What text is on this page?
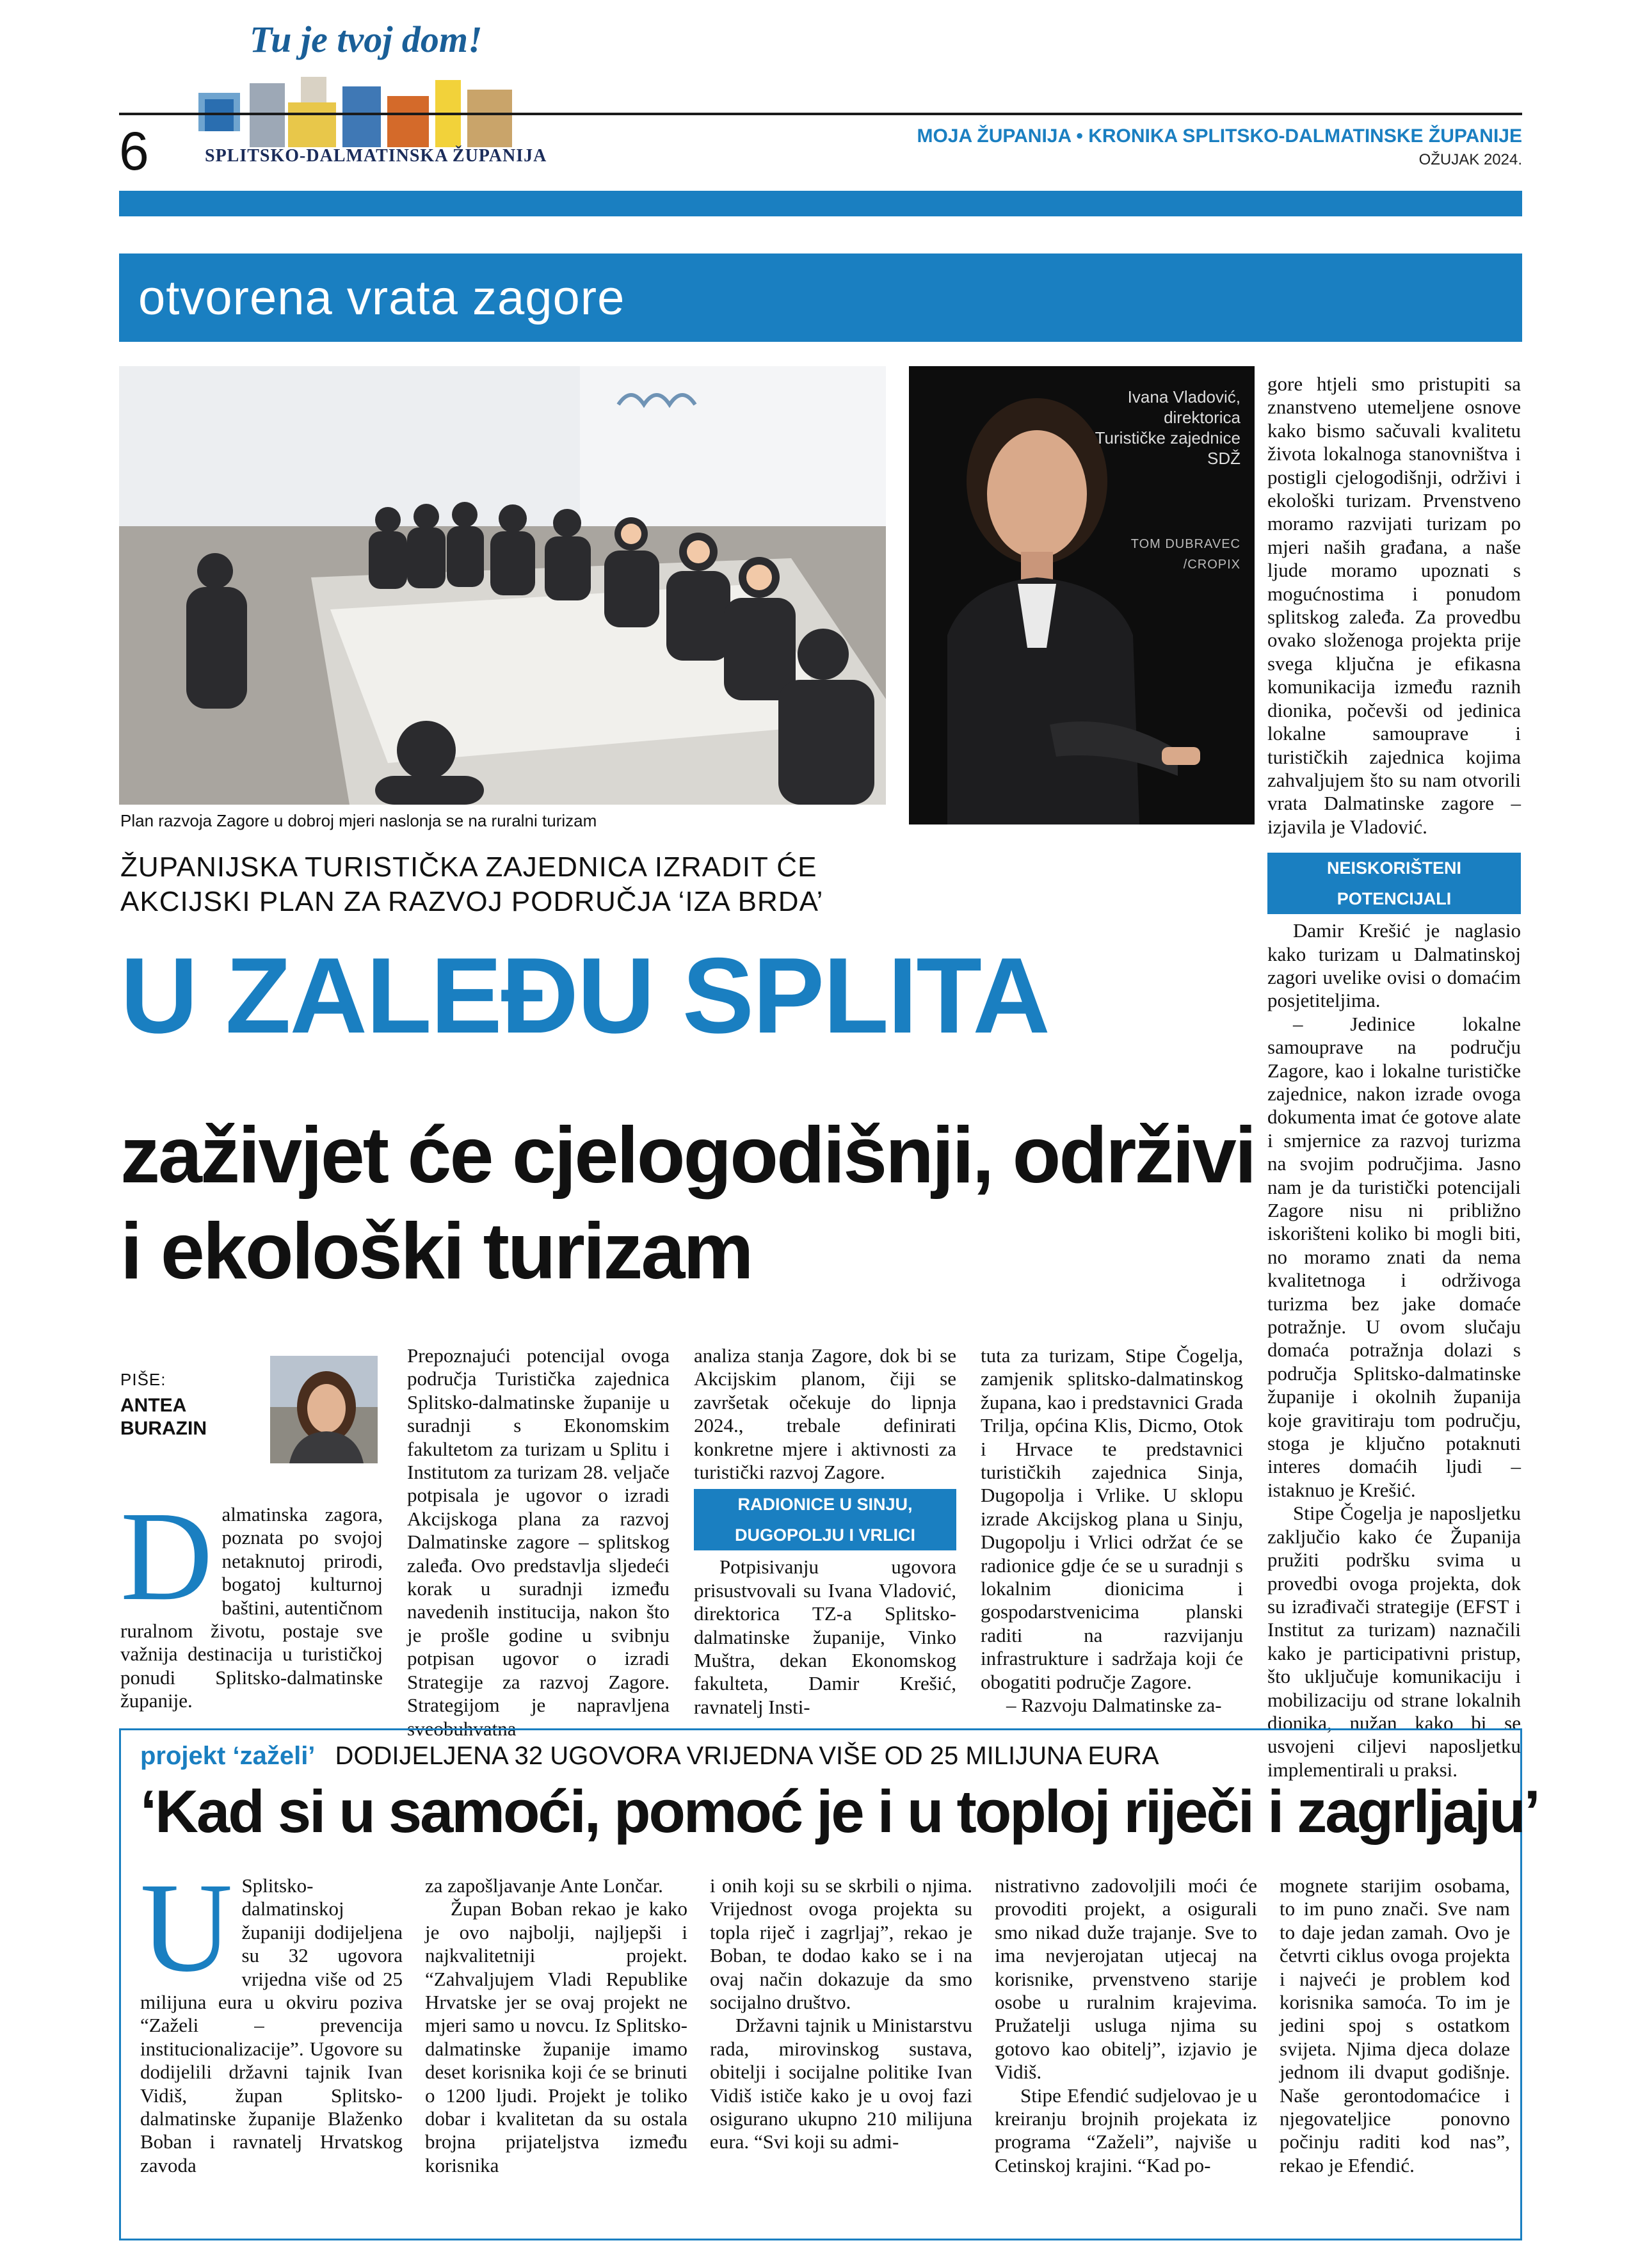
6
Tu je tvoj dom!
SPLITSKO-DALMATINSKA ŽUPANIJA
MOJA ŽUPANIJA • KRONIKA SPLITSKO-DALMATINSKE ŽUPANIJE
OŽUJAK 2024.
otvorena vrata zagore
Plan razvoja Zagore u dobroj mjeri naslonja se na ruralni turizam
Ivana Vladović, direktorica Turističke zajednice SDŽ
TOM DUBRAVEC /CROPIX
ŽUPANIJSKA TURISTIČKA ZAJEDNICA IZRADIT ĆE AKCIJSKI PLAN ZA RAZVOJ PODRUČJA ‘IZA BRDA’
U ZALEĐU SPLITA
zaživjet će cjelogodišnji, održivi i ekološki turizam
PIŠE:
ANTEA BURAZIN
D almatinska zagora, poznata po svojoj netaknutoj prirodi, bogatoj kulturnoj baštini, autentičnom ruralnom životu, postaje sve važnija destinacija u turističkoj ponudi Splitsko-dalmatinske županije.

Prepoznajući potencijal ovoga područja Turistička zajednica Splitsko-dalmatinske županije u suradnji s Ekonomskim fakultetom za turizam u Splitu i Institutom za turizam 28. veljače potpisala je ugovor o izradi Akcijskoga plana za razvoj Dalmatinske zagore – splitskog zaleđa. Ovo predstavlja sljedeći korak u suradnji između navedenih institucija, nakon što je prošle godine u svibnju potpisan ugovor o izradi Strategije za razvoj Zagore. Strategijom je napravljena sveobuhvatna

analiza stanja Zagore, dok bi se Akcijskim planom, čiji se završetak očekuje do lipnja 2024., trebale definirati konkretne mjere i aktivnosti za turistički razvoj Zagore.

RADIONICE U SINJU, DUGOPOLJU I VRLICI

Potpisivanju ugovora prisustvovali su Ivana Vladović, direktorica TZ-a Splitsko-dalmatinske županije, Vinko Muštra, dekan Ekonomskog fakulteta, Damir Krešić, ravnatelj Insti-

tuta za turizam, Stipe Čogelja, zamjenik splitsko-dalmatinskog župana, kao i predstavnici Grada Trilja, općina Klis, Dicmo, Otok i Hrvace te predstavnici turističkih zajednica Sinja, Dugopolja i Vrlike. U sklopu izrade Akcijskog plana u Sinju, Dugopolju i Vrlici održat će se radionice gdje će se u suradnji s lokalnim dionicima i gospodarstvenicima planski raditi na razvijanju infrastrukture i sadržaja koji će obogatiti područje Zagore.

– Razvoju Dalmatinske za-

gore htjeli smo pristupiti sa znanstveno utemeljene osnove kako bismo sačuvali kvalitetu života lokalnoga stanovništva i postigli cjelogodišnji, održivi i ekološki turizam. Prvenstveno moramo razvijati turizam po mjeri naših građana, a naše ljude moramo upoznati s mogućnostima i ponudom splitskog zaleđa. Za provedbu ovako složenoga projekta prije svega ključna je efikasna komunikacija između raznih dionika, počevši od jedinica lokalne samouprave i turističkih zajednica kojima zahvaljujem što su nam otvorili vrata Dalmatinske zagore – izjavila je Vladović.

NEISKORIŠTENI POTENCIJALI

Damir Krešić je naglasio kako turizam u Dalmatinskoj zagori uvelike ovisi o domaćim posjetiteljima.

– Jedinice lokalne samouprave na području Zagore, kao i lokalne turističke zajednice, nakon izrade ovoga dokumenta imat će gotove alate i smjernice za razvoj turizma na svojim područjima. Jasno nam je da turistički potencijali Zagore nisu ni približno iskorišteni koliko bi mogli biti, no moramo znati da nema kvalitetnoga i održivoga turizma bez jake domaće potražnje. U ovom slučaju domaća potražnja dolazi s područja Splitsko-dalmatinske županije i okolnih županija koje gravitiraju tom području, stoga je ključno potaknuti interes domaćih ljudi – istaknuo je Krešić.

Stipe Čogelja je naposljetku zaključio kako će Županija pružiti podršku svima u provedbi ovoga projekta, dok su izrađivači strategije (EFST i Institut za turizam) naznačili kako je participativni pristup, što uključuje komunikaciju i mobilizaciju od strane lokalnih dionika, nužan kako bi se usvojeni ciljevi naposljetku implementirali u praksi.

projekt ‘zaželi’ DODIJELJENA 32 UGOVORA VRIJEDNA VIŠE OD 25 MILIJUNA EURA
‘Kad si u samoći, pomoć je i u toploj riječi i zagrljaju’
U Splitsko-dalmatinskoj županiji dodijeljena su 32 ugovora vrijedna više od 25 milijuna eura u okviru poziva “Zaželi – prevencija institucionalizacije”. Ugovore su dodijelili državni tajnik Ivan Vidiš, župan Splitsko-dalmatinske županije Blaženko Boban i ravnatelj Hrvatskog zavoda

za zapošljavanje Ante Lončar.

Župan Boban rekao je kako je ovo najbolji, najljepši i najkvalitetniji projekt. “Zahvaljujem Vladi Republike Hrvatske jer se ovaj projekt ne mjeri samo u novcu. Iz Splitsko-dalmatinske županije imamo deset korisnika koji će se brinuti o 1200 ljudi. Projekt je toliko dobar i kvalitetan da su ostala brojna prijateljstva između korisnika

i onih koji su se skrbili o njima. Vrijednost ovoga projekta su topla riječ i zagrljaj”, rekao je Boban, te dodao kako se i na ovaj način dokazuje da smo socijalno društvo.

Državni tajnik u Ministarstvu rada, mirovinskog sustava, obitelji i socijalne politike Ivan Vidiš ističe kako je u ovoj fazi osigurano ukupno 210 milijuna eura. “Svi koji su admi-

nistrativno zadovoljili moći će provoditi projekt, a osigurali smo nikad duže trajanje. Sve to ima nevjerojatan utjecaj na korisnike, prvenstveno starije osobe u ruralnim krajevima. Pružatelji usluga njima su gotovo kao obitelj”, izjavio je Vidiš.

Stipe Efendić sudjelovao je u kreiranju brojnih projekata iz programa “Zaželi”, najviše u Cetinskoj krajini. “Kad po-

mognete starijim osobama, to im puno znači. Sve nam to daje jedan zamah. Ovo je četvrti ciklus ovoga projekta i najveći je problem kod korisnika samoća. To im je jedini spoj s ostatkom svijeta. Njima djeca dolaze jednom ili dvaput godišnje. Naše gerontodomaćice i njegovateljice ponovno počinju raditi kod nas”, rekao je Efendić.
